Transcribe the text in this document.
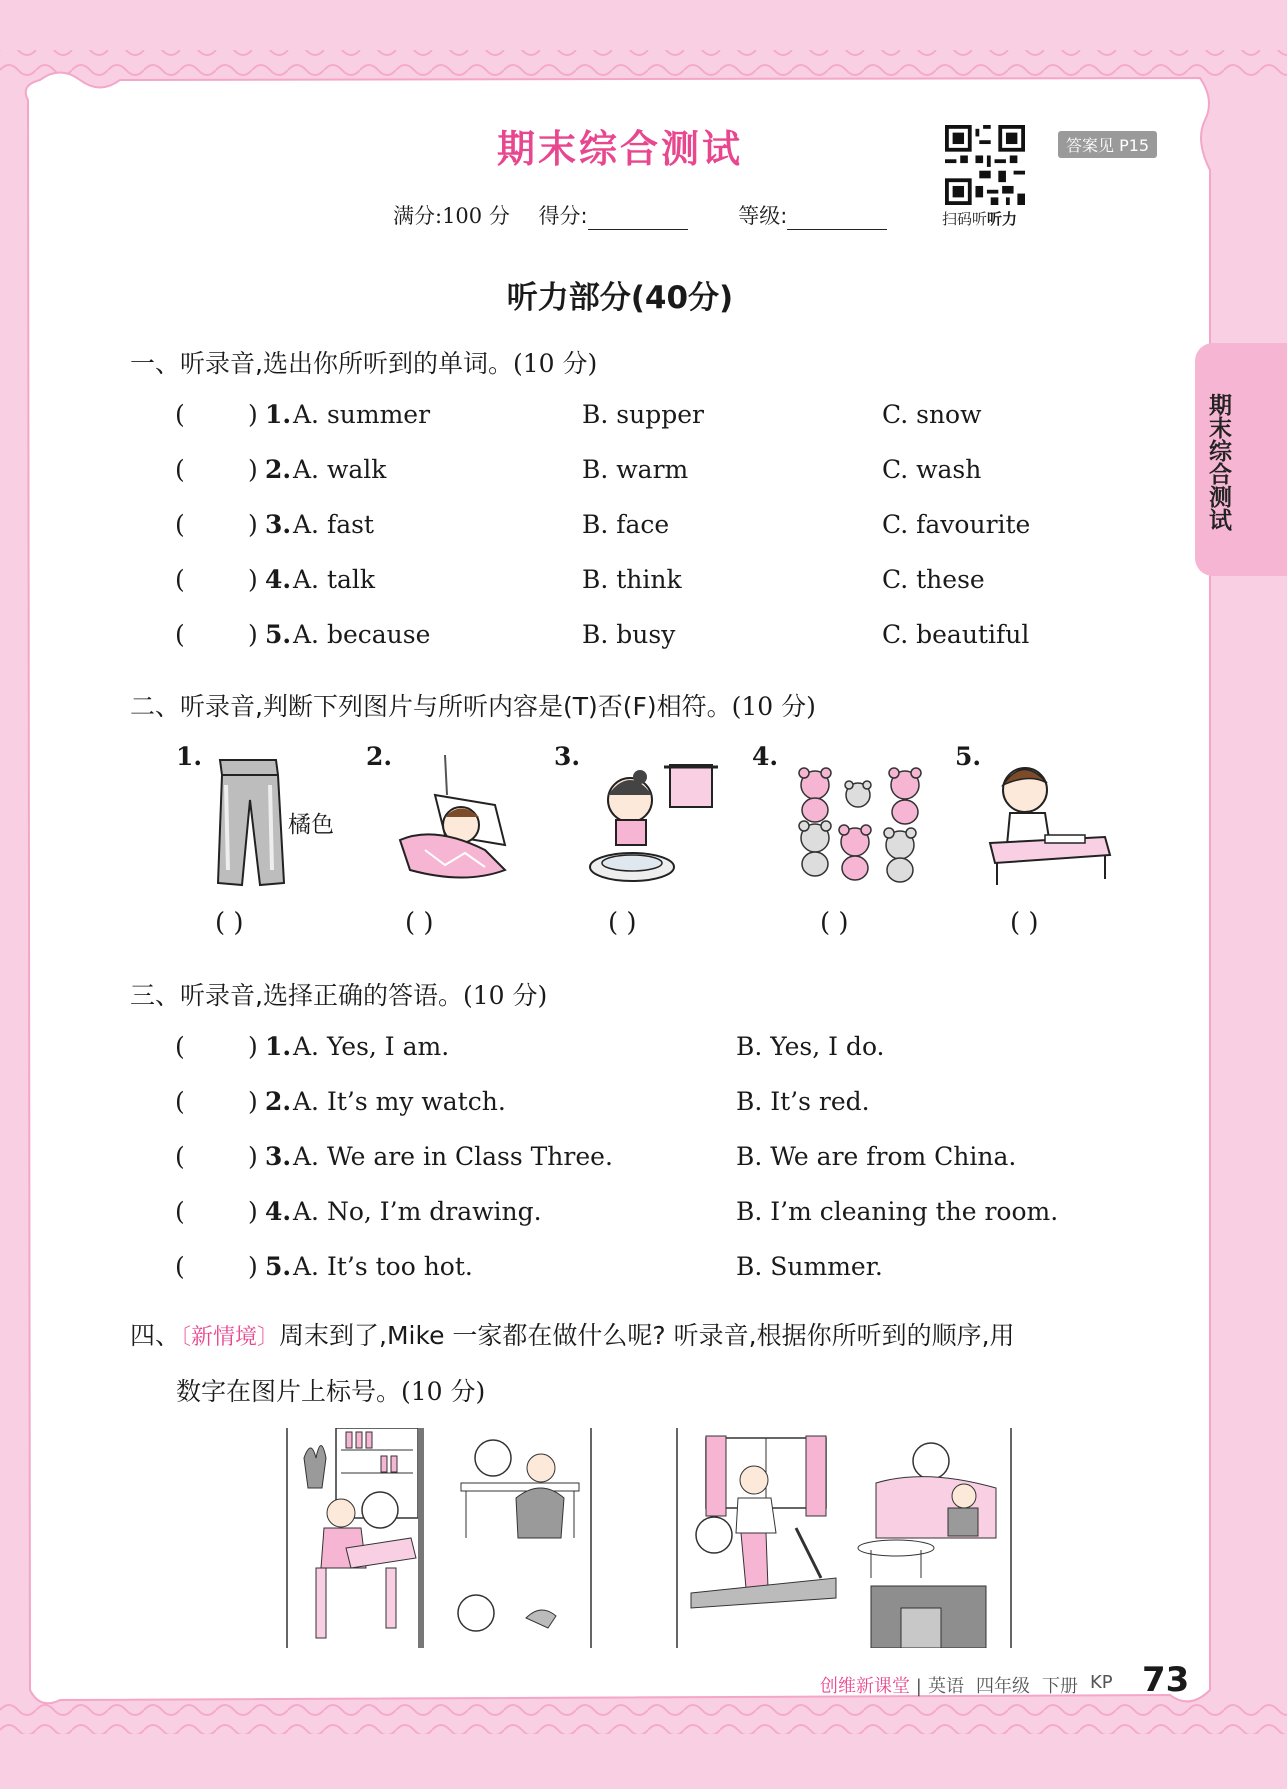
期末综合测试
期末综合测试
满分:100 分 得分:	等级:	扫码听听力
答案见 P15
听力部分(40分)
一、听录音,选出你所听到的单词。(10 分)
(	) 1. A. summer	B. supper	C. snow
(	) 2. A. walk	B. warm	C. wash
(	) 3. A. fast	B. face	C. favourite
(	) 4. A. talk	B. think	C. these
(	) 5. A. because	B. busy	C. beautiful
二、听录音,判断下列图片与所听内容是(T)否(F)相符。(10 分)
1.	2.	3.	4.	5.
橘色
( )	( )	( )	( )	( )
三、听录音,选择正确的答语。(10 分)
(	) 1. A. Yes, I am.	B. Yes, I do.
(	) 2. A. It’s my watch.	B. It’s red.
(	) 3. A. We are in Class Three.	B. We are from China.
(	) 4. A. No, I’m drawing.	B. I’m cleaning the room.
(	) 5. A. It’s too hot.	B. Summer.
四、〔新情境〕周末到了,Mike 一家都在做什么呢? 听录音,根据你所听到的顺序,用
数字在图片上标号。(10 分)
创维新课堂 | 英语 四年级 下册 KP 73
